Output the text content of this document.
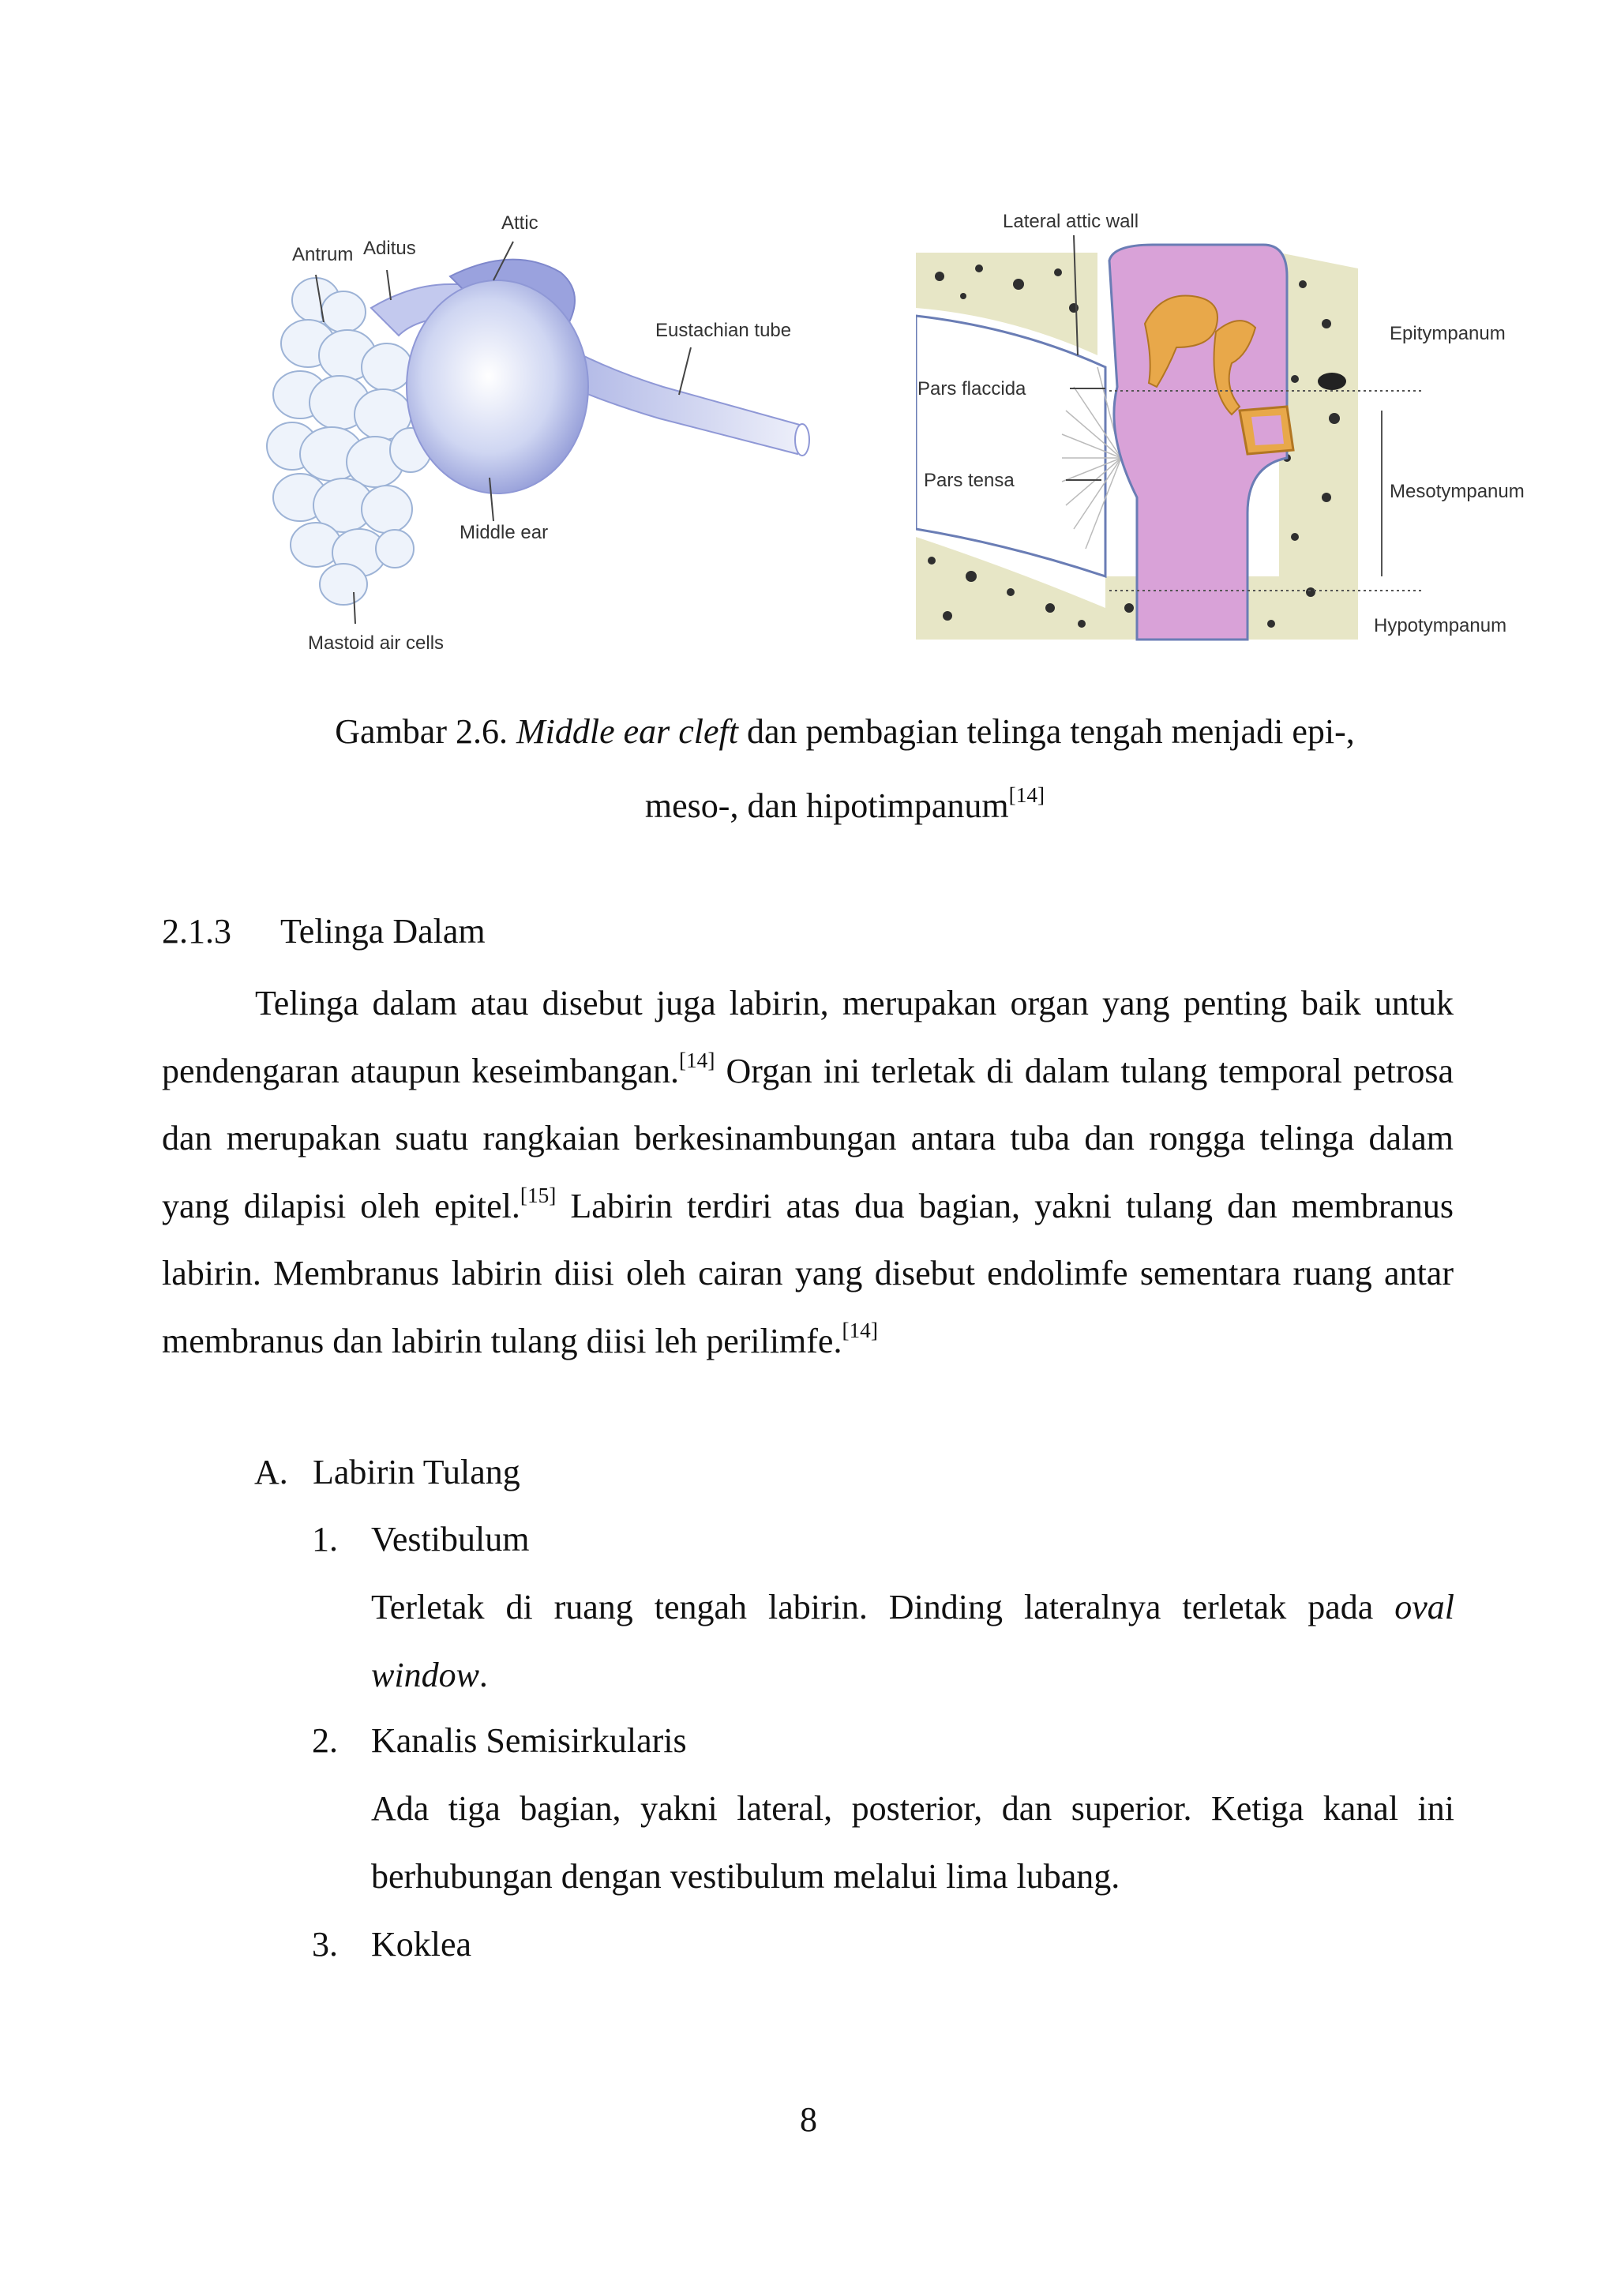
Antrum Aditus
Attic
Eustachian tube
Middle ear
Mastoid air cells
Lateral attic wall
Pars flaccida
Pars tensa
Epitympanum
Mesotympanum
Hypotympanum
Gambar 2.6. Middle ear cleft dan pembagian telinga tengah menjadi epi-,
meso-, dan hipotimpanum[14]
2.1.3 Telinga Dalam

Telinga dalam atau disebut juga labirin, merupakan organ yang penting baik untuk pendengaran ataupun keseimbangan.[14] Organ ini terletak di dalam tulang temporal petrosa dan merupakan suatu rangkaian berkesinambungan antara tuba dan rongga telinga dalam yang dilapisi oleh epitel.[15] Labirin terdiri atas dua bagian, yakni tulang dan membranus labirin. Membranus labirin diisi oleh cairan yang disebut endolimfe sementara ruang antar membranus dan labirin tulang diisi leh perilimfe.[14]

A. Labirin Tulang
1. Vestibulum

Terletak di ruang tengah labirin. Dinding lateralnya terletak pada oval window.

2. Kanalis Semisirkularis

Ada tiga bagian, yakni lateral, posterior, dan superior. Ketiga kanal ini berhubungan dengan vestibulum melalui lima lubang.

3. Koklea
8
